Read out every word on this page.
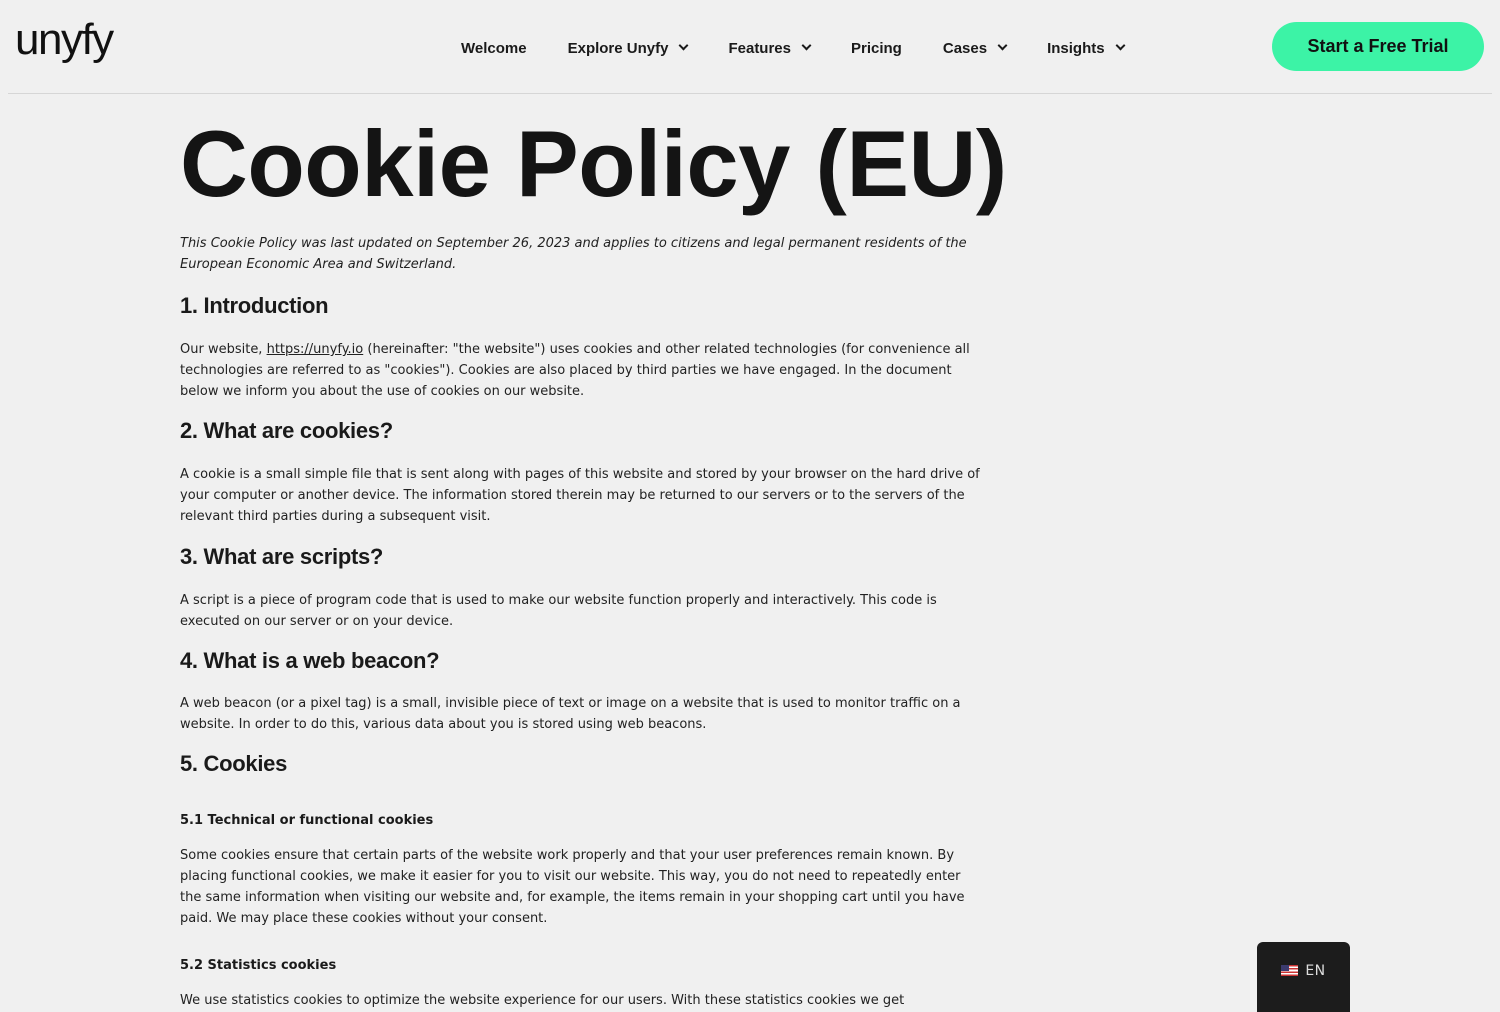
unyfy	Welcome	Explore Unyfy	Features	Pricing	Cases	Insights	Start a Free Trial
Cookie Policy (EU)

This Cookie Policy was last updated on September 26, 2023 and applies to citizens and legal permanent residents of the European Economic Area and Switzerland.

1. Introduction

Our website, https://unyfy.io (hereinafter: "the website") uses cookies and other related technologies (for convenience all technologies are referred to as "cookies"). Cookies are also placed by third parties we have engaged. In the document below we inform you about the use of cookies on our website.

2. What are cookies?

A cookie is a small simple file that is sent along with pages of this website and stored by your browser on the hard drive of your computer or another device. The information stored therein may be returned to our servers or to the servers of the relevant third parties during a subsequent visit.

3. What are scripts?

A script is a piece of program code that is used to make our website function properly and interactively. This code is executed on our server or on your device.

4. What is a web beacon?

A web beacon (or a pixel tag) is a small, invisible piece of text or image on a website that is used to monitor traffic on a website. In order to do this, various data about you is stored using web beacons.

5. Cookies
5.1 Technical or functional cookies

Some cookies ensure that certain parts of the website work properly and that your user preferences remain known. By placing functional cookies, we make it easier for you to visit our website. This way, you do not need to repeatedly enter the same information when visiting our website and, for example, the items remain in your shopping cart until you have paid. We may place these cookies without your consent.

5.2 Statistics cookies

We use statistics cookies to optimize the website experience for our users. With these statistics cookies we get

EN
